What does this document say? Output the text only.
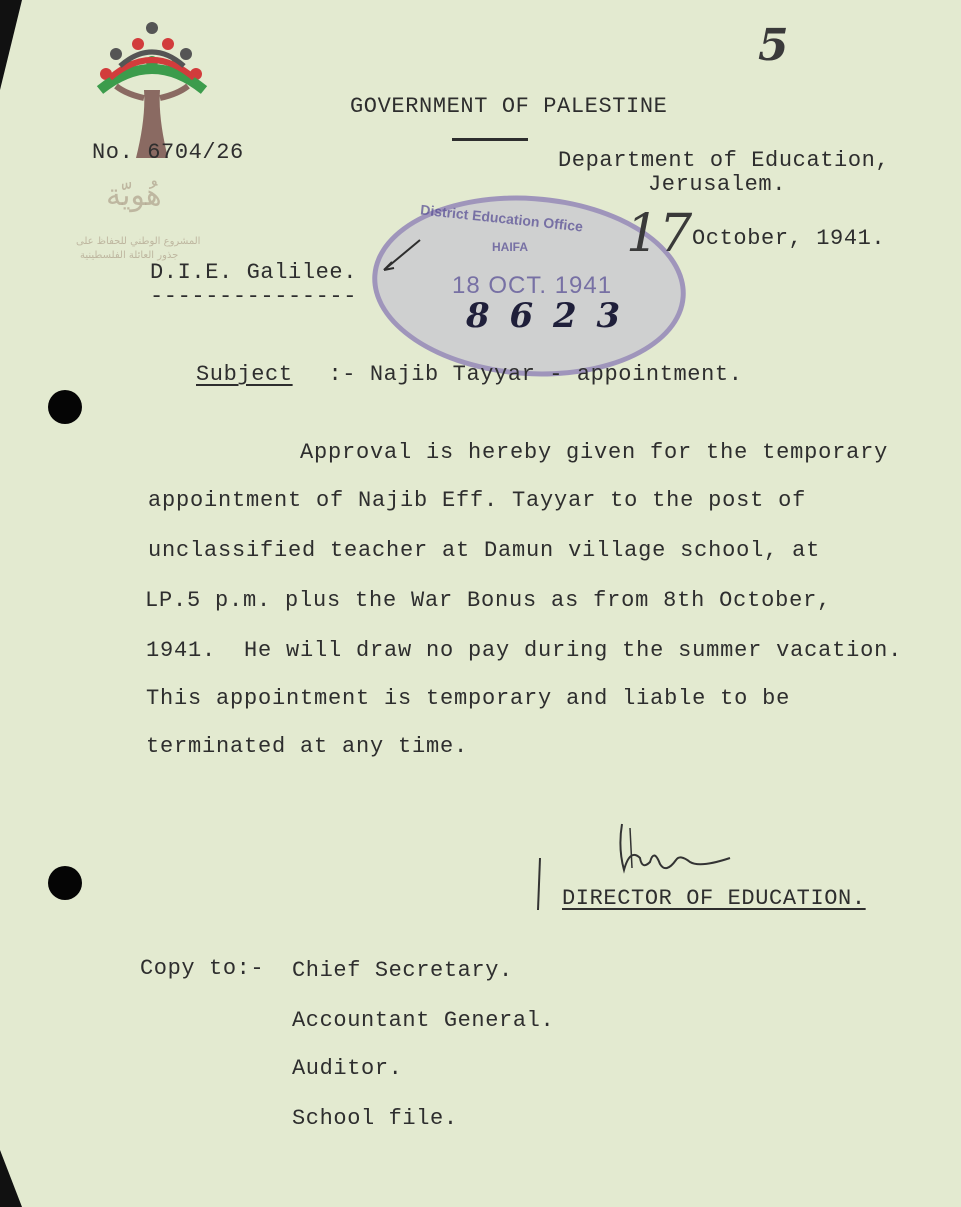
هُويّة
المشروع الوطني للحفاظ على
جذور العائلة الفلسطينية
5
GOVERNMENT OF PALESTINE
No. 6704/26	Department of Education,
Jerusalem.
District Education Office
HAIFA
18 OCT. 1941
8 6 2 3
17 October, 1941.
D.I.E. Galilee.
---------------
Subject :- Najib Tayyar - appointment.
Approval is hereby given for the temporary
appointment of Najib Eff. Tayyar to the post of
unclassified teacher at Damun village school, at
LP.5 p.m. plus the War Bonus as from 8th October,
1941.  He will draw no pay during the summer vacation.
This appointment is temporary and liable to be
terminated at any time.
DIRECTOR OF EDUCATION.
Copy to:- Chief Secretary.
Accountant General.
Auditor.
School file.
